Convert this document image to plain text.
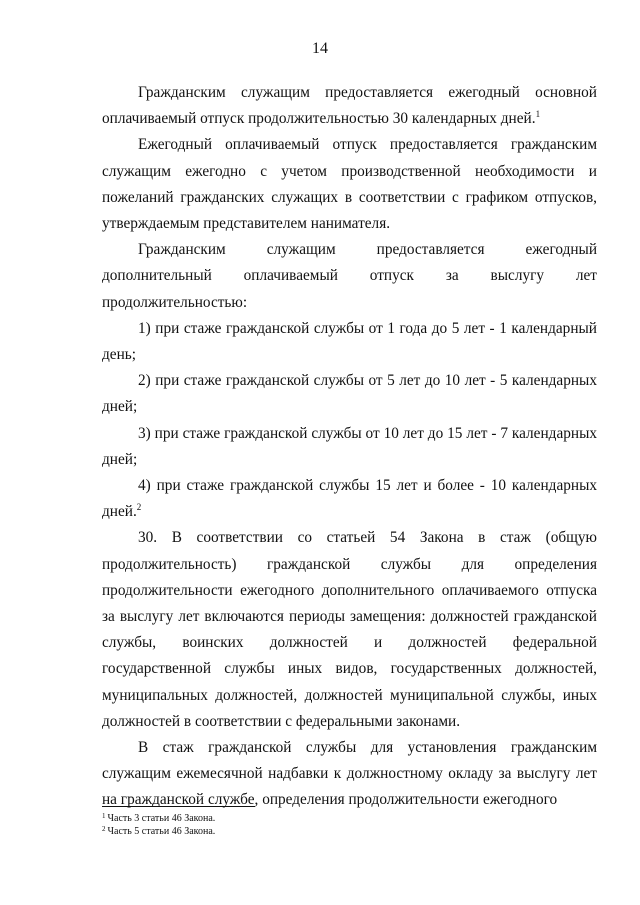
14

Гражданским служащим предоставляется ежегодный основной оплачиваемый отпуск продолжительностью 30 календарных дней.$^1$

Ежегодный оплачиваемый отпуск предоставляется гражданским служащим ежегодно с учетом производственной необходимости и пожеланий гражданских служащих в соответствии с графиком отпусков, утверждаемым представителем нанимателя.

Гражданским служащим предоставляется ежегодный дополнительный оплачиваемый отпуск за выслугу лет продолжительностью:

1) при стаже гражданской службы от 1 года до 5 лет - 1 календарный день;

2) при стаже гражданской службы от 5 лет до 10 лет - 5 календарных дней;

3) при стаже гражданской службы от 10 лет до 15 лет - 7 календарных дней;

4) при стаже гражданской службы 15 лет и более - 10 календарных дней.$^2$

30. В соответствии со статьей 54 Закона в стаж (общую продолжительность) гражданской службы для определения продолжительности ежегодного дополнительного оплачиваемого отпуска за выслугу лет включаются периоды замещения: должностей гражданской службы, воинских должностей и должностей федеральной государственной службы иных видов, государственных должностей, муниципальных должностей, должностей муниципальной службы, иных должностей в соответствии с федеральными законами.

В стаж гражданской службы для установления гражданским служащим ежемесячной надбавки к должностному окладу за выслугу лет на гражданской службе, определения продолжительности ежегодного

$^1$ Часть 3 статьи 46 Закона.

$^2$ Часть 5 статьи 46 Закона.
